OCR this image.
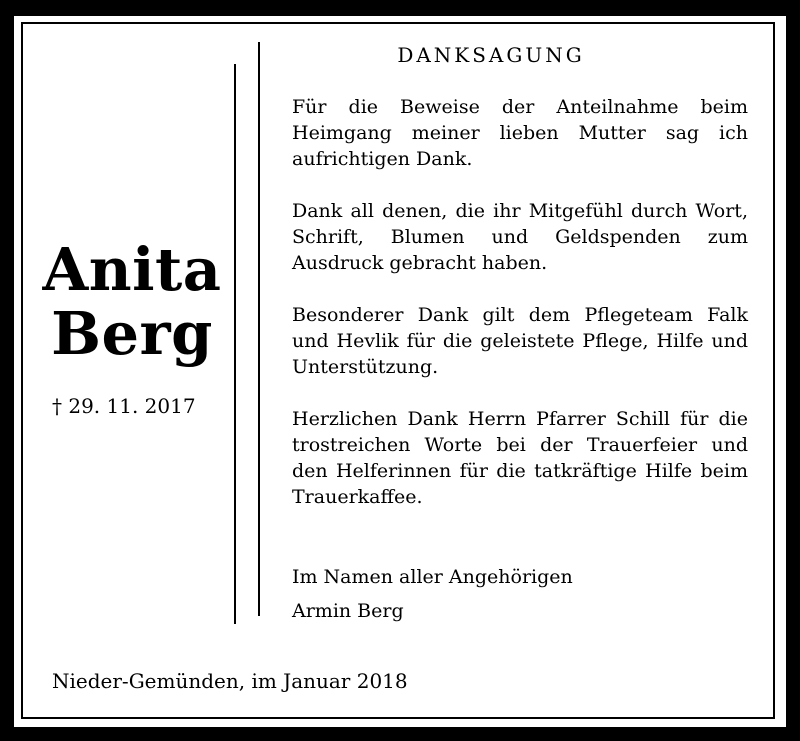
Anita
Berg
† 29. 11. 2017
DANKSAGUNG

Für die Beweise der Anteilnahme beim Heimgang meiner lieben Mutter sag ich aufrichtigen Dank.

Dank all denen, die ihr Mitgefühl durch Wort, Schrift, Blumen und Geldspenden zum Ausdruck gebracht haben.

Besonderer Dank gilt dem Pflegeteam Falk und Hevlik für die geleistete Pflege, Hilfe und Unterstützung.

Herzlichen Dank Herrn Pfarrer Schill für die trostreichen Worte bei der Trauerfeier und den Helferinnen für die tatkräftige Hilfe beim Trauerkaffee.

Im Namen aller Angehörigen
Armin Berg
Nieder-Gemünden, im Januar 2018
